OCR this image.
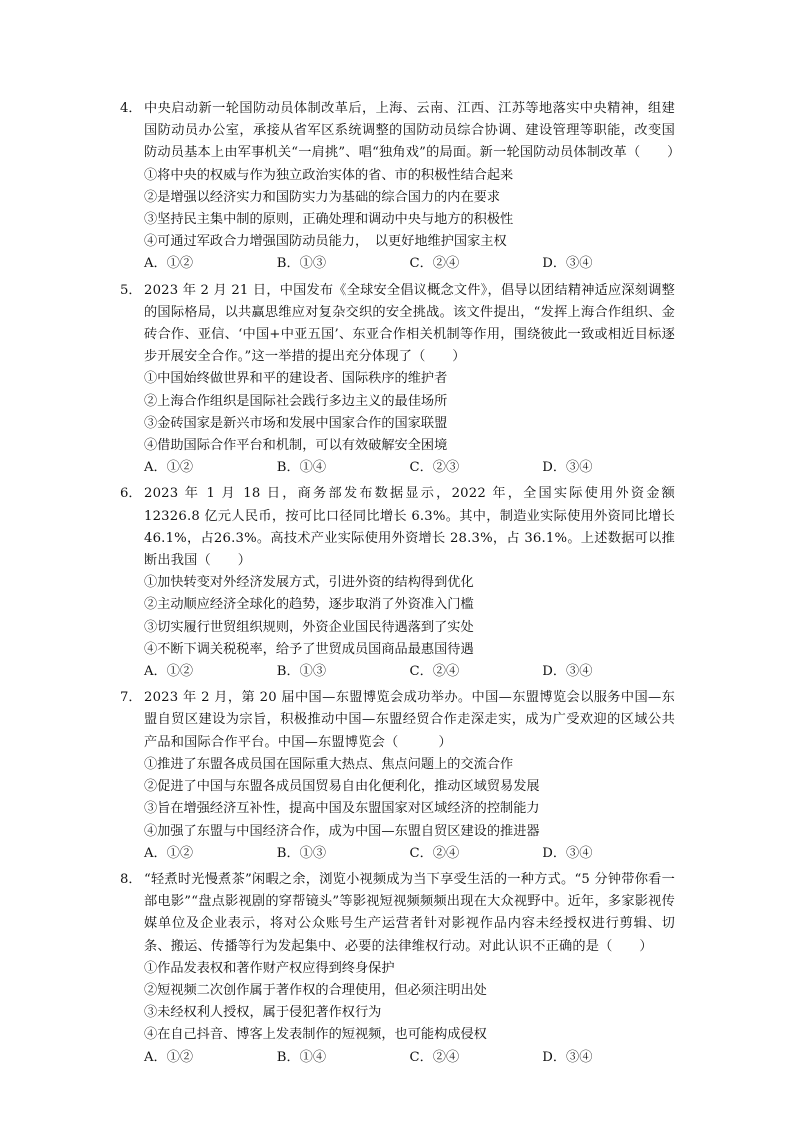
4． 中央启动新一轮国防动员体制改革后，上海、云南、江西、江苏等地落实中央精神，组建国防动员办公室，承接从省军区系统调整的国防动员综合协调、建设管理等职能，改变国防动员基本上由军事机关“一肩挑”、唱“独角戏”的局面。新一轮国防动员体制改革（　　）
①将中央的权威与作为独立政治实体的省、市的积极性结合起来
②是增强以经济实力和国防实力为基础的综合国力的内在要求
③坚持民主集中制的原则，正确处理和调动中央与地方的积极性
④可通过军政合力增强国防动员能力，　以更好地维护国家主权
A．①②	B．①③	C．②④	D．③④
5． 2023 年 2 月 21 日，中国发布《全球安全倡议概念文件》，倡导以团结精神适应深刻调整的国际格局，以共赢思维应对复杂交织的安全挑战。该文件提出，“发挥上海合作组织、金砖合作、亚信、‘中国+中亚五国’、东亚合作相关机制等作用，围绕彼此一致或相近目标逐步开展安全合作。”这一举措的提出充分体现了（　　）
①中国始终做世界和平的建设者、国际秩序的维护者
②上海合作组织是国际社会践行多边主义的最佳场所
③金砖国家是新兴市场和发展中国家合作的国家联盟
④借助国际合作平台和机制，可以有效破解安全困境
A．①②	B．①④	C．②③	D．③④
6． 2023 年 1 月 18 日，商务部发布数据显示，2022 年，全国实际使用外资金额　12326.8 亿元人民币，按可比口径同比增长 6.3%。其中，制造业实际使用外资同比增长 46.1%，占26.3%。高技术产业实际使用外资增长 28.3%，占 36.1%。上述数据可以推断出我国（　　）
①加快转变对外经济发展方式，引进外资的结构得到优化
②主动顺应经济全球化的趋势，逐步取消了外资准入门槛
③切实履行世贸组织规则，外资企业国民待遇落到了实处
④不断下调关税税率，给予了世贸成员国商品最惠国待遇
A．①②	B．①③	C．②④	D．③④
7． 2023 年 2 月，第 20 届中国—东盟博览会成功举办。中国—东盟博览会以服务中国—东盟自贸区建设为宗旨，积极推动中国—东盟经贸合作走深走实，成为广受欢迎的区域公共产品和国际合作平台。中国—东盟博览会（　　　）
①推进了东盟各成员国在国际重大热点、焦点问题上的交流合作
②促进了中国与东盟各成员国贸易自由化便利化，推动区域贸易发展
③旨在增强经济互补性，提高中国及东盟国家对区域经济的控制能力
④加强了东盟与中国经济合作，成为中国—东盟自贸区建设的推进器
A．①②	B．①③	C．②④	D．③④
8． “轻煮时光慢煮茶”闲暇之余，浏览小视频成为当下享受生活的一种方式。“5 分钟带你看一部电影”“盘点影视剧的穿帮镜头”等影视短视频频频出现在大众视野中。近年，多家影视传媒单位及企业表示，将对公众账号生产运营者针对影视作品内容未经授权进行剪辑、切条、搬运、传播等行为发起集中、必要的法律维权行动。对此认识不正确的是（　　）
①作品发表权和著作财产权应得到终身保护
②短视频二次创作属于著作权的合理使用，但必须注明出处
③未经权利人授权，属于侵犯著作权行为
④在自己抖音、博客上发表制作的短视频，也可能构成侵权
A．①②	B．①④	C．②④	D．③④
